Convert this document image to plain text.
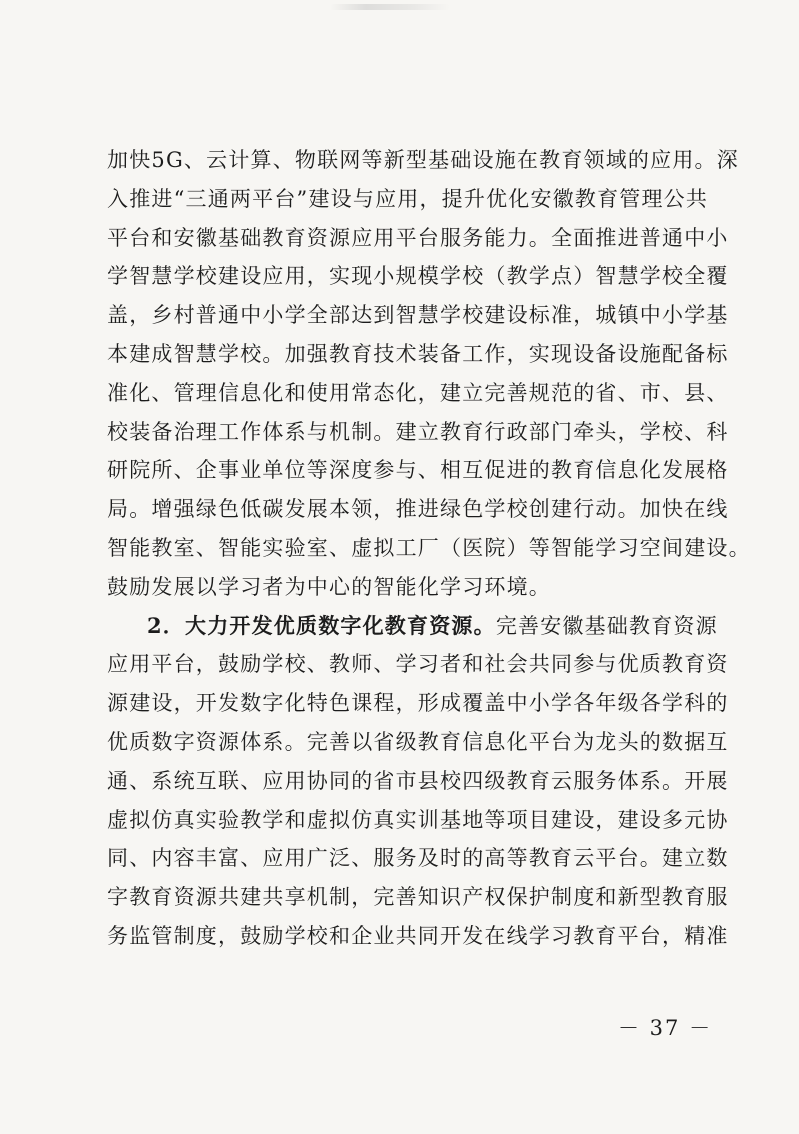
加快5G、云计算、物联网等新型基础设施在教育领域的应用。深
入推进“三通两平台”建设与应用，提升优化安徽教育管理公共
平台和安徽基础教育资源应用平台服务能力。全面推进普通中小
学智慧学校建设应用，实现小规模学校（教学点）智慧学校全覆
盖，乡村普通中小学全部达到智慧学校建设标准，城镇中小学基
本建成智慧学校。加强教育技术装备工作，实现设备设施配备标
准化、管理信息化和使用常态化，建立完善规范的省、市、县、
校装备治理工作体系与机制。建立教育行政部门牵头，学校、科
研院所、企事业单位等深度参与、相互促进的教育信息化发展格
局。增强绿色低碳发展本领，推进绿色学校创建行动。加快在线
智能教室、智能实验室、虚拟工厂（医院）等智能学习空间建设。
鼓励发展以学习者为中心的智能化学习环境。
2．大力开发优质数字化教育资源。完善安徽基础教育资源
应用平台，鼓励学校、教师、学习者和社会共同参与优质教育资
源建设，开发数字化特色课程，形成覆盖中小学各年级各学科的
优质数字资源体系。完善以省级教育信息化平台为龙头的数据互
通、系统互联、应用协同的省市县校四级教育云服务体系。开展
虚拟仿真实验教学和虚拟仿真实训基地等项目建设，建设多元协
同、内容丰富、应用广泛、服务及时的高等教育云平台。建立数
字教育资源共建共享机制，完善知识产权保护制度和新型教育服
务监管制度，鼓励学校和企业共同开发在线学习教育平台，精准
－ 37 －
